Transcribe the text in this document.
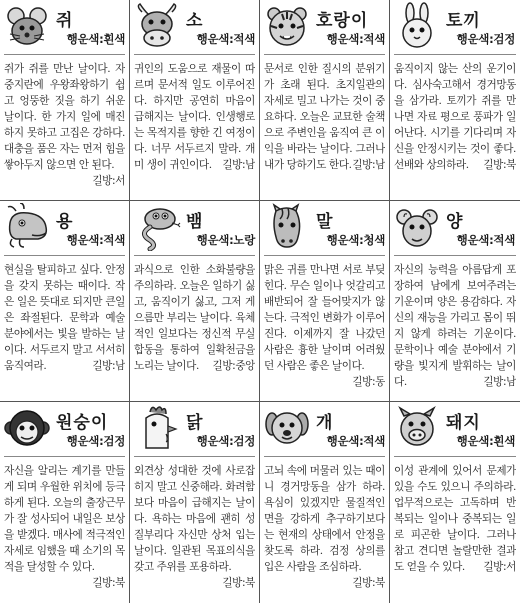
쥐
행운색:흰색
쥐가 쥐를 만난 날이다. 자중지란에 우왕좌왕하기 쉽고 엉뚱한 짓을 하기 쉬운 날이다. 한 가지 일에 매진하지 못하고 고집은 강하다. 대충을 품은 자는 먼저 힘을 쌓아두지 않으면 안 된다.
길방:서
소
행운색:적색
귀인의 도움으로 재물이 따르며 문서적 일도 이루어진다. 하지만 공연히 마음이 급해지는 날이다. 인생행로는 목적지를 향한 긴 여정이다. 너무 서두르지 말라. 개미 생이 귀인이다. 길방:남
호랑이
행운색:적색
문서로 인한 질시의 분위기가 초래 된다. 초지일관의 자세로 밀고 나가는 것이 중요하다. 오늘은 교묘한 술책으로 주변인을 움직여 큰 이익을 바라는 날이다. 그러나 내가 당하기도 한다. 길방:남
토끼
행운색:검정
움직이지 않는 산의 운기이다. 심사숙고해서 경거망동을 삼가라. 토끼가 쥐를 만나면 자료 평으로 풍파가 일어난다. 시기를 기다리며 자신을 안정시키는 것이 좋다. 선배와 상의하라. 길방:북
용
행운색:적색
현실을 탈피하고 싶다. 안정을 갖지 못하는 때이다. 작은 일은 뜻대로 되지만 큰일은 좌절된다. 문학과 예술 분야에서는 빛을 발하는 날이다. 서두르지 말고 서서히 움직여라.	길방:남
뱀
행운색:노랑
과식으로 인한 소화불량을 주의하라. 오늘은 일하기 싫고, 움직이기 싫고, 그저 게으름만 부리는 날이다. 육체적인 일보다는 정신적 무실합동을 통하여 일확천금을 노리는 날이다. 길방:중앙
말
행운색:청색
맑은 귀를 만나면 서로 부딪힌다. 무슨 일이나 엇갈리고 배반되어 잘 들어맞지가 않는다. 극적인 변화가 이루어진다. 이제까지 잘 나갔던 사람은 흉한 날이며 어려웠던 사람은 좋은 날이다.
길방:동
양
행운색:적색
자신의 능력을 아름답게 포장하여 남에게 보여주려는 기운이며 양은 용감하다. 자신의 재능을 가리고 몸이 뛰지 않게 하려는 기운이다. 문학이나 예술 분야에서 기량을 빛지게 발휘하는 날이다.	길방:남
원숭이
행운색:검정
자신을 알리는 계기를 만들게 되며 우월한 위치에 등극하게 된다. 오늘의 출장근무가 잘 성사되어 내일은 보상을 받겠다. 매사에 적극적인 자세로 임했을 때 소기의 목적을 달성할 수 있다.
길방:북
닭
행운색:검정
외견상 성대한 것에 사로잡히지 말고 신중해라. 화려함보다 마음이 급해지는 날이다. 욕하는 마음에 괜히 성질부리다 자신만 상처 입는 날이다. 일관된 목표의식을 갖고 주위를 포용하라.
길방:북
개
행운색:적색
고뇌 속에 머물러 있는 때이니 경거망동을 삼가 하라. 욕심이 있겠지만 물질적인 면을 강하게 추구하기보다는 현재의 상태에서 안정을 찾도록 하라. 검정 상의를 입은 사람을 조심하라.
길방:북
돼지
행운색:흰색
이성 관계에 있어서 문제가 있을 수도 있으니 주의하라. 업무적으로는 고독하며 반복되는 일이나 중복되는 일로 피곤한 날이다. 그러나 참고 견디면 놀랄만한 결과도 얻을 수 있다. 길방:서
